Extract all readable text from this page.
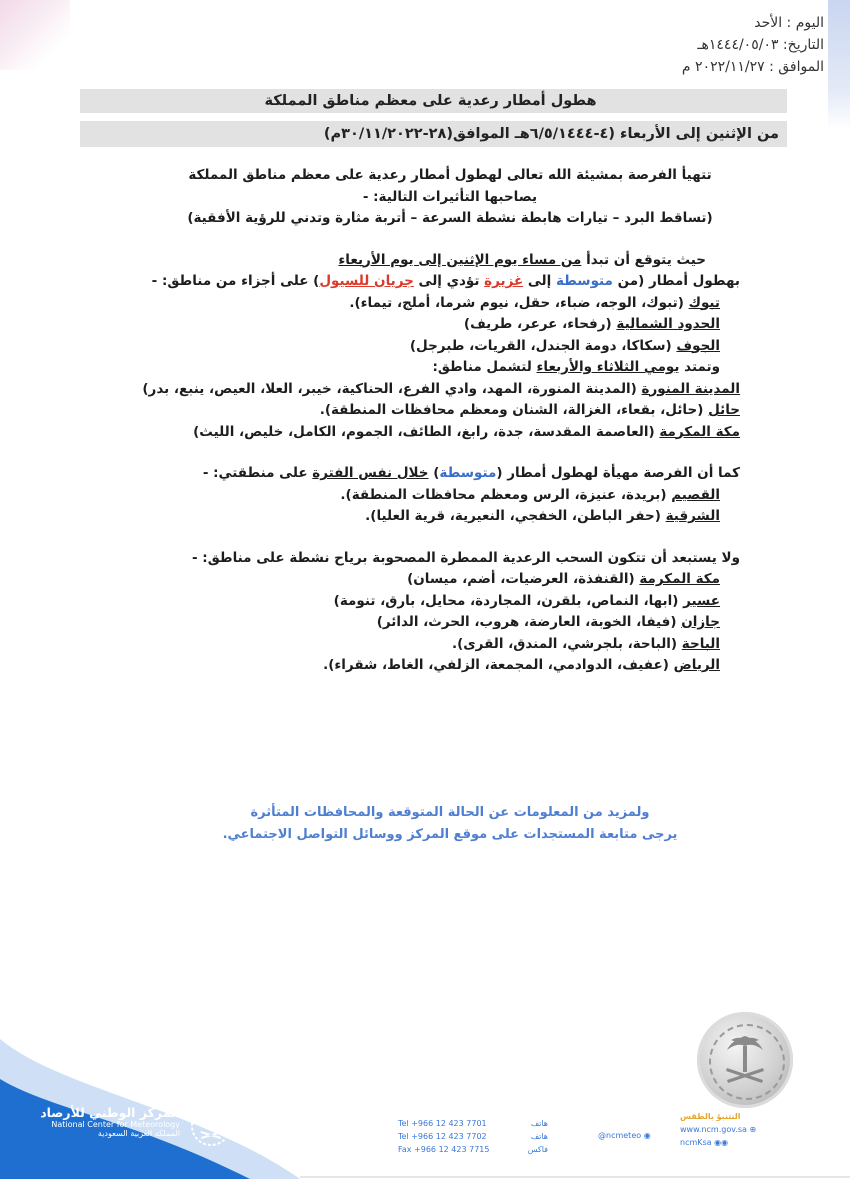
اليوم : الأحد
التاريخ: ١٤٤٤/٠٥/٠٣هـ
الموافق : ٢٠٢٢/١١/٢٧ م
هطول أمطار رعدية على معظم مناطق المملكة
من الإثنين إلى الأربعاء (٤-٦/٥/١٤٤٤هـ الموافق(٢٨-٣٠/١١/٢٠٢٢م)

تتهيأ الفرصة بمشيئة الله تعالى لهطول أمطار رعدية على معظم مناطق المملكة

يصاحبها التأثيرات التالية: -

(تساقط البرد – تيارات هابطة نشطة السرعة – أتربة مثارة وتدني للرؤية الأفقية)

حيث يتوقع أن تبدأ من مساء يوم الإثنين إلى يوم الأربعاء

بهطول أمطار (من متوسطة إلى غزيرة تؤدي إلى جريان للسيول) على أجزاء من مناطق: -

تبوك (تبوك، الوجه، ضباء، حقل، نيوم شرما، أملج، تيماء).

الحدود الشمالية (رفحاء، عرعر، طريف)

الجوف (سكاكا، دومة الجندل، القريات، طبرجل)

وتمتد يومي الثلاثاء والأربعاء لتشمل مناطق:

المدينة المنورة (المدينة المنورة، المهد، وادي الفرع، الحناكية، خيبر، العلا، العيص، ينبع، بدر)

حائل (حائل، بقعاء، الغزالة، الشنان ومعظم محافظات المنطقة).

مكة المكرمة (العاصمة المقدسة، جدة، رابغ، الطائف، الجموم، الكامل، خليص، الليث)

كما أن الفرصة مهيأة لهطول أمطار (متوسطة) خلال نفس الفترة على منطقتي: -

القصيم (بريدة، عنيزة، الرس ومعظم محافظات المنطقة).

الشرقية (حفر الباطن، الخفجي، النعيرية، قرية العليا).

ولا يستبعد أن تتكون السحب الرعدية الممطرة المصحوبة برياح نشطة على مناطق: -

مكة المكرمة (القنفذة، العرضيات، أضم، ميسان)

عسير (ابها، النماص، بلقرن، المجاردة، محايل، بارق، تنومة)

جازان (فيفا، الخوبة، العارضة، هروب، الحرث، الدائر)

الباحة (الباحة، بلجرشي، المندق، القرى).

الرياض (عفيف، الدوادمي، المجمعة، الزلفي، الغاط، شقراء).

ولمزيد من المعلومات عن الحالة المتوقعة والمحافظات المتأثرة
يرجى متابعة المستجدات على موقع المركز ووسائل التواصل الاجتماعي.
المركز الوطني للأرصاد
National Center for Meteorology
المملكة العربية السعودية
Tel +966 12 423 7701	هاتف
Tel +966 12 423 7702	هاتف
Fax +966 12 423 7715	فاكس
@ncmeteo ◉
النتنبؤ بالطقس
www.ncm.gov.sa ⊕
ncmKsa ◉◉
